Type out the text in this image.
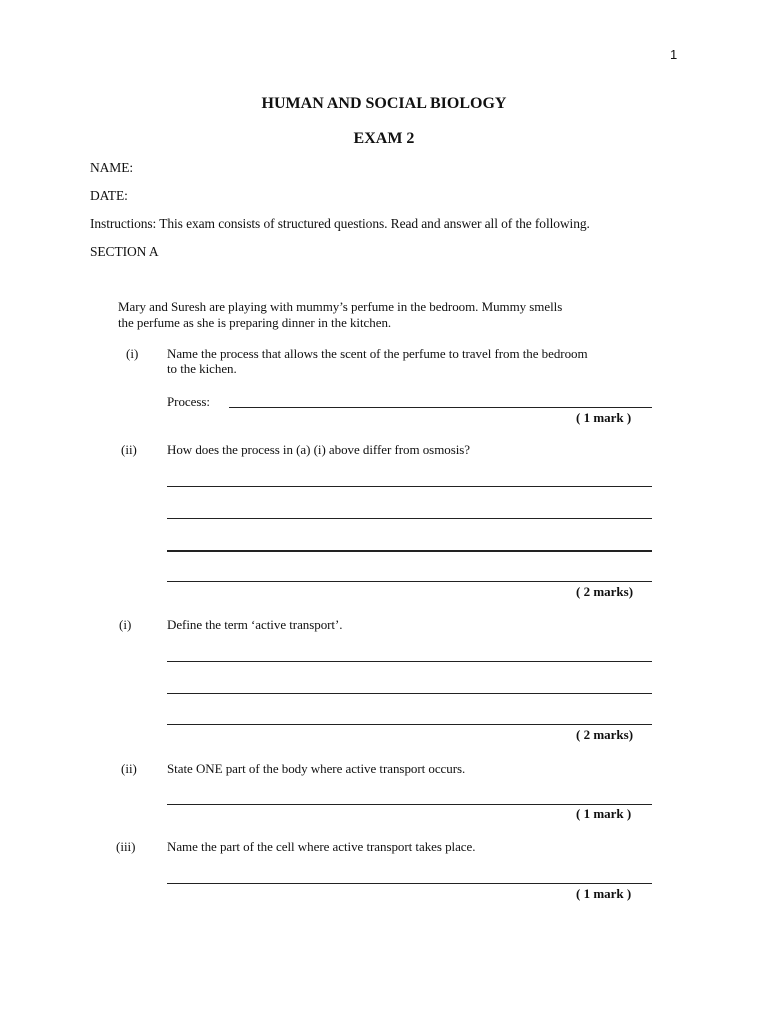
1
HUMAN AND SOCIAL BIOLOGY
EXAM 2
NAME:
DATE:
Instructions: This exam consists of structured questions. Read and answer all of the following.
SECTION A
Mary and Suresh are playing with mummy’s perfume in the bedroom. Mummy smells
the perfume as she is preparing dinner in the kitchen.
(i) Name the process that allows the scent of the perfume to travel from the bedroom
to the kichen.
Process:
( 1 mark )
(ii) How does the process in (a) (i) above differ from osmosis?
( 2 marks)
(i)	Define the term ‘active transport’.
( 2 marks)
(ii) State ONE part of the body where active transport occurs.
( 1 mark )
(iii) Name the part of the cell where active transport takes place.
( 1 mark )
